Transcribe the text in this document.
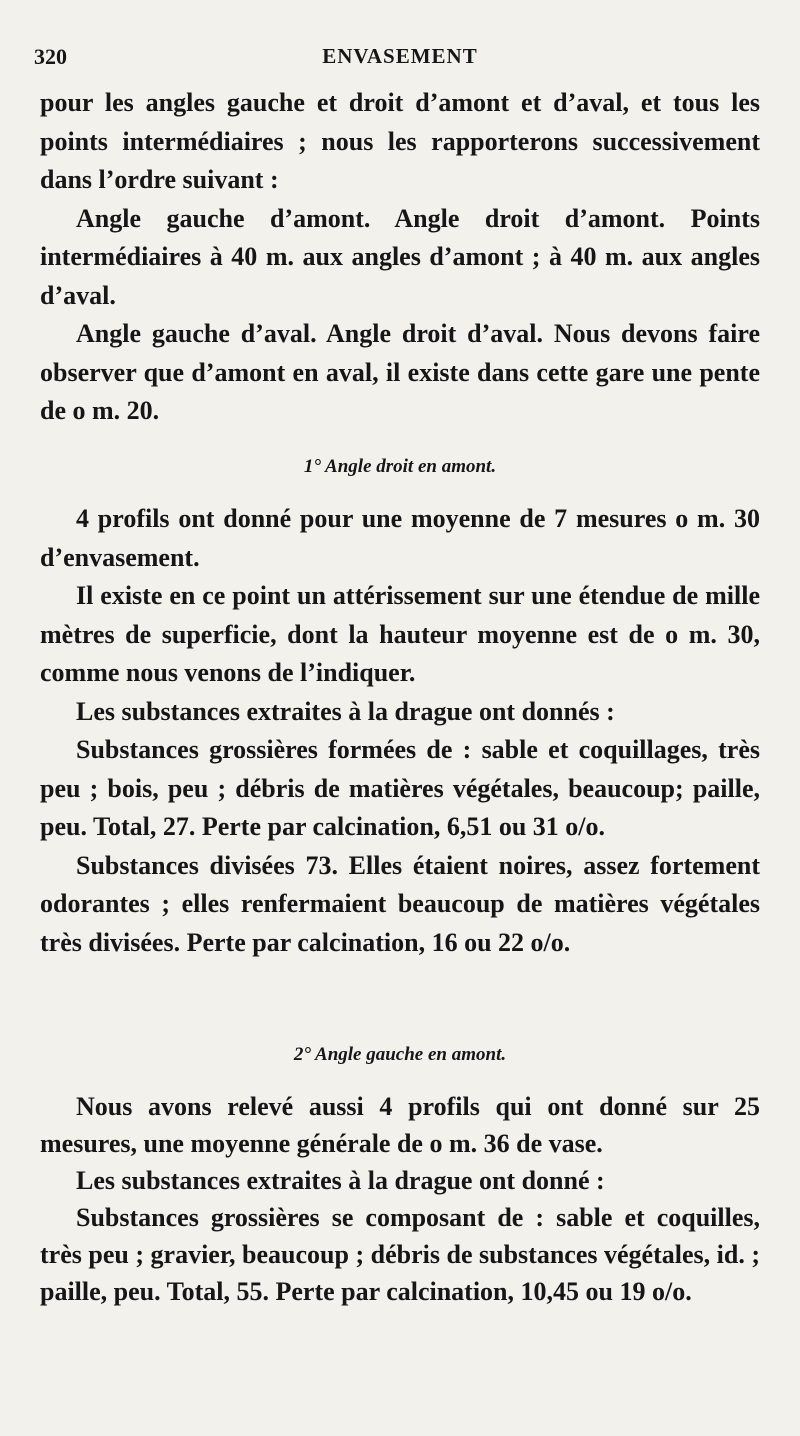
320	ENVASEMENT

pour les angles gauche et droit d’amont et d’aval, et tous les points intermédiaires ; nous les rapporterons successivement dans l’ordre suivant :

Angle gauche d’amont. Angle droit d’amont. Points intermédiaires à 40 m. aux angles d’amont ; à 40 m. aux angles d’aval.

Angle gauche d’aval. Angle droit d’aval. Nous devons faire observer que d’amont en aval, il existe dans cette gare une pente de o m. 20.

1° Angle droit en amont.

4 profils ont donné pour une moyenne de 7 mesures o m. 30 d’envasement.

Il existe en ce point un attérissement sur une étendue de mille mètres de superficie, dont la hauteur moyenne est de o m. 30, comme nous venons de l’indiquer.

Les substances extraites à la drague ont donnés :

Substances grossières formées de : sable et coquillages, très peu ; bois, peu ; débris de matières végétales, beaucoup; paille, peu. Total, 27. Perte par calcination, 6,51 ou 31 o/o.

Substances divisées 73. Elles étaient noires, assez fortement odorantes ; elles renfermaient beaucoup de matières végétales très divisées. Perte par calcination, 16 ou 22 o/o.

2° Angle gauche en amont.

Nous avons relevé aussi 4 profils qui ont donné sur 25 mesures, une moyenne générale de o m. 36 de vase.

Les substances extraites à la drague ont donné :

Substances grossières se composant de : sable et coquilles, très peu ; gravier, beaucoup ; débris de substances végétales, id. ; paille, peu. Total, 55. Perte par calcination, 10,45 ou 19 o/o.
